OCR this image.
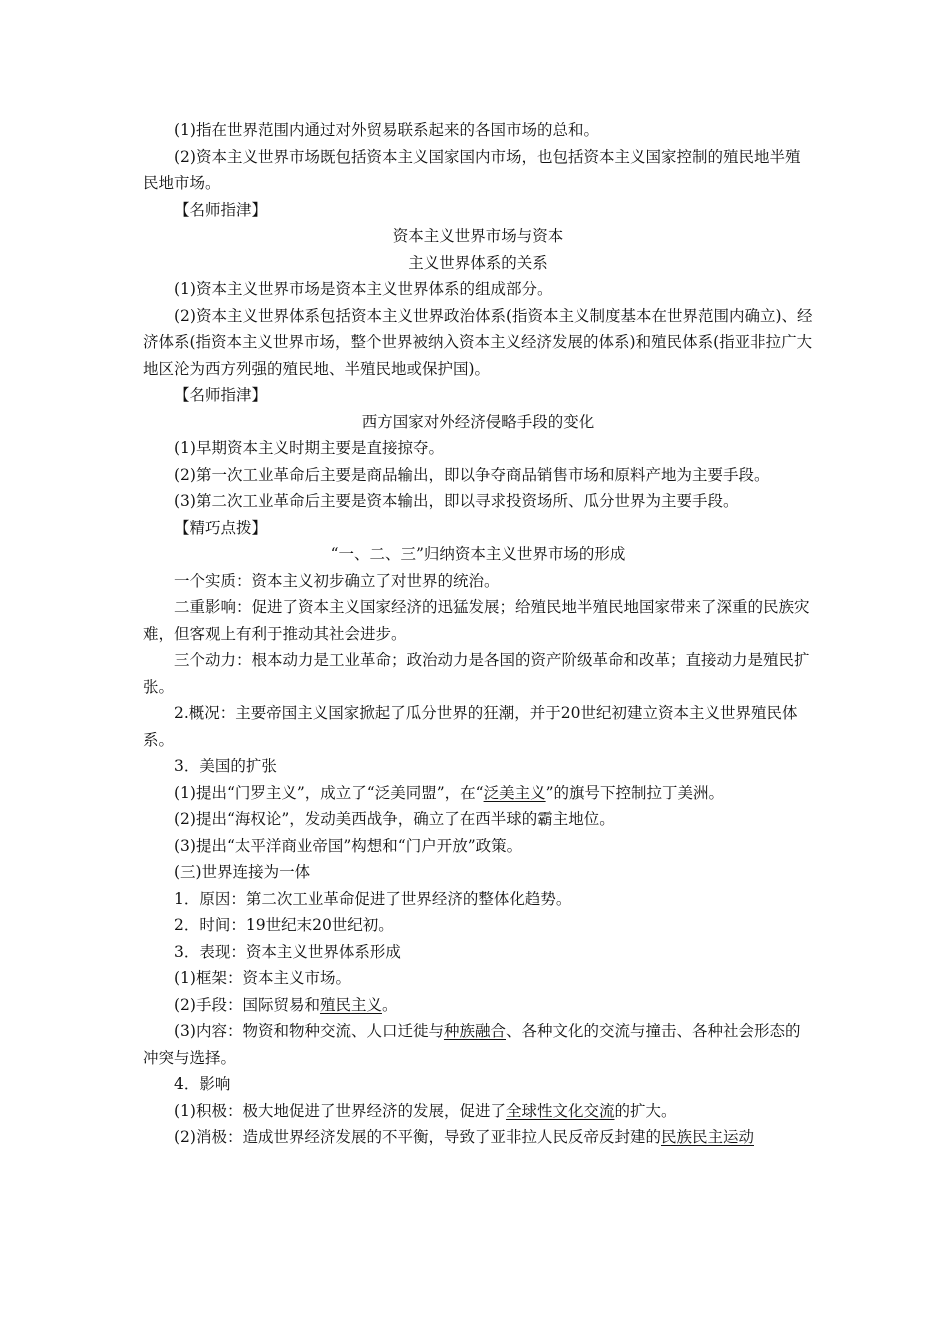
(1)指在世界范围内通过对外贸易联系起来的各国市场的总和。

(2)资本主义世界市场既包括资本主义国家国内市场，也包括资本主义国家控制的殖民地半殖民地市场。

【名师指津】

资本主义世界市场与资本

主义世界体系的关系

(1)资本主义世界市场是资本主义世界体系的组成部分。

(2)资本主义世界体系包括资本主义世界政治体系(指资本主义制度基本在世界范围内确立)、经济体系(指资本主义世界市场，整个世界被纳入资本主义经济发展的体系)和殖民体系(指亚非拉广大地区沦为西方列强的殖民地、半殖民地或保护国)。

【名师指津】

西方国家对外经济侵略手段的变化

(1)早期资本主义时期主要是直接掠夺。

(2)第一次工业革命后主要是商品输出，即以争夺商品销售市场和原料产地为主要手段。

(3)第二次工业革命后主要是资本输出，即以寻求投资场所、瓜分世界为主要手段。

【精巧点拨】

“一、二、三”归纳资本主义世界市场的形成

一个实质：资本主义初步确立了对世界的统治。

二重影响：促进了资本主义国家经济的迅猛发展；给殖民地半殖民地国家带来了深重的民族灾难，但客观上有利于推动其社会进步。

三个动力：根本动力是工业革命；政治动力是各国的资产阶级革命和改革；直接动力是殖民扩张。

2.概况：主要帝国主义国家掀起了瓜分世界的狂潮，并于20世纪初建立资本主义世界殖民体系。

3．美国的扩张

(1)提出“门罗主义”，成立了“泛美同盟”，在“泛美主义”的旗号下控制拉丁美洲。

(2)提出“海权论”，发动美西战争，确立了在西半球的霸主地位。

(3)提出“太平洋商业帝国”构想和“门户开放”政策。

(三)世界连接为一体

1．原因：第二次工业革命促进了世界经济的整体化趋势。

2．时间：19世纪末20世纪初。

3．表现：资本主义世界体系形成

(1)框架：资本主义市场。

(2)手段：国际贸易和殖民主义。

(3)内容：物资和物种交流、人口迁徙与种族融合、各种文化的交流与撞击、各种社会形态的冲突与选择。

4．影响

(1)积极：极大地促进了世界经济的发展，促进了全球性文化交流的扩大。

(2)消极：造成世界经济发展的不平衡，导致了亚非拉人民反帝反封建的民族民主运动
